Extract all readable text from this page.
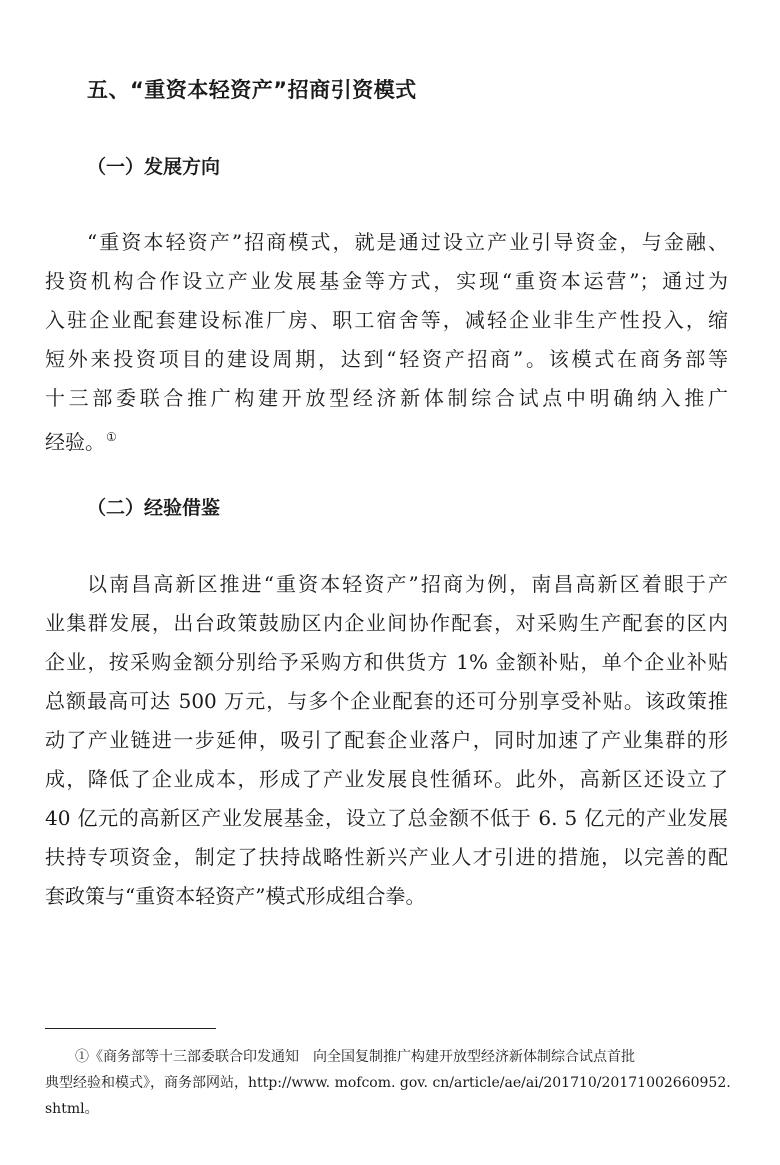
五、“重资本轻资产”招商引资模式
（一）发展方向
“重资本轻资产”招商模式，就是通过设立产业引导资金，与金融、
投资机构合作设立产业发展基金等方式，实现“重资本运营”；通过为
入驻企业配套建设标准厂房、职工宿舍等，减轻企业非生产性投入，缩
短外来投资项目的建设周期，达到“轻资产招商”。该模式在商务部等
十三部委联合推广构建开放型经济新体制综合试点中明确纳入推广
经验。①
（二）经验借鉴
以南昌高新区推进“重资本轻资产”招商为例，南昌高新区着眼于产
业集群发展，出台政策鼓励区内企业间协作配套，对采购生产配套的区内
企业，按采购金额分别给予采购方和供货方 1% 金额补贴，单个企业补贴
总额最高可达 500 万元，与多个企业配套的还可分别享受补贴。该政策推
动了产业链进一步延伸，吸引了配套企业落户，同时加速了产业集群的形
成，降低了企业成本，形成了产业发展良性循环。此外，高新区还设立了
40 亿元的高新区产业发展基金，设立了总金额不低于 6. 5 亿元的产业发展
扶持专项资金，制定了扶持战略性新兴产业人才引进的措施，以完善的配
套政策与“重资本轻资产”模式形成组合拳。
①《商务部等十三部委联合印发通知　向全国复制推广构建开放型经济新体制综合试点首批
典型经验和模式》，商务部网站，http://www. mofcom. gov. cn/article/ae/ai/201710/20171002660952.
shtml。
